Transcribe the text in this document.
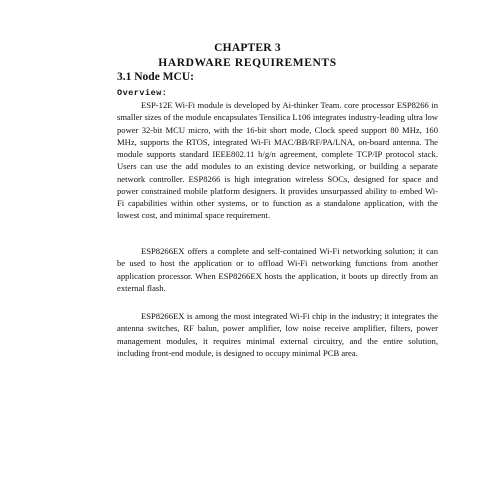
CHAPTER 3
HARDWARE REQUIREMENTS
3.1 Node MCU:
Overview:

ESP-12E Wi-Fi module is developed by Ai-thinker Team. core processor ESP8266 in smaller sizes of the module encapsulates Tensilica L106 integrates industry-leading ultra low power 32-bit MCU micro, with the 16-bit short mode, Clock speed support 80 MHz, 160 MHz, supports the RTOS, integrated Wi-Fi MAC/BB/RF/PA/LNA, on-board antenna. The module supports standard IEEE802.11 b/g/n agreement, complete TCP/IP protocol stack. Users can use the add modules to an existing device networking, or building a separate network controller. ESP8266 is high integration wireless SOCs, designed for space and power constrained mobile platform designers. It provides unsurpassed ability to embed Wi-Fi capabilities within other systems, or to function as a standalone application, with the lowest cost, and minimal space requirement.

ESP8266EX offers a complete and self-contained Wi-Fi networking solution; it can be used to host the application or to offload Wi-Fi networking functions from another application processor. When ESP8266EX hosts the application, it boots up directly from an external flash.

ESP8266EX is among the most integrated Wi-Fi chip in the industry; it integrates the antenna switches, RF balun, power amplifier, low noise receive amplifier, filters, power management modules, it requires minimal external circuitry, and the entire solution, including front-end module, is designed to occupy minimal PCB area.
